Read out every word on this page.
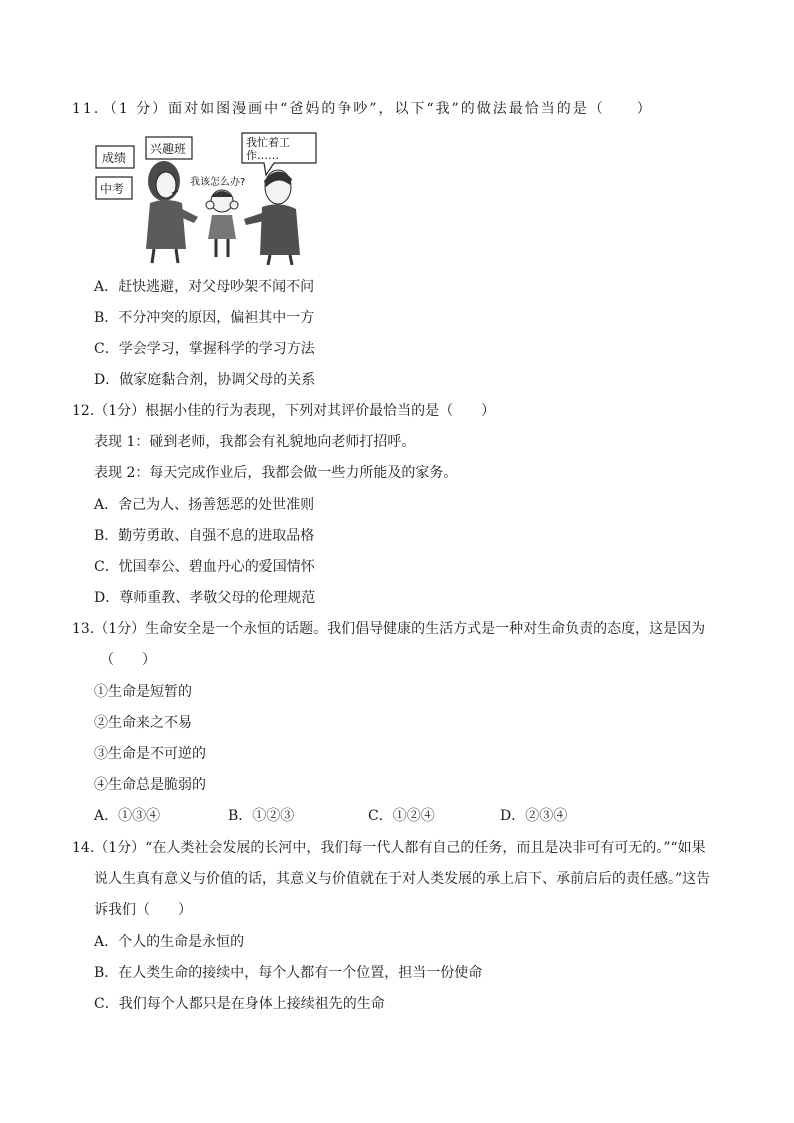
11．（1 分）面对如图漫画中“爸妈的争吵”，以下“我”的做法最恰当的是（　　）
成绩
兴趣班
中考
我忙着工
作……
我该怎么办?
A．赶快逃避，对父母吵架不闻不问
B．不分冲突的原因，偏袒其中一方
C．学会学习，掌握科学的学习方法
D．做家庭黏合剂，协调父母的关系
12.（1分）根据小佳的行为表现，下列对其评价最恰当的是（　　）
表现 1：碰到老师，我都会有礼貌地向老师打招呼。
表现 2：每天完成作业后，我都会做一些力所能及的家务。
A．舍己为人、扬善惩恶的处世准则
B．勤劳勇敢、自强不息的进取品格
C．忧国奉公、碧血丹心的爱国情怀
D．尊师重教、孝敬父母的伦理规范
13.（1分）生命安全是一个永恒的话题。我们倡导健康的生活方式是一种对生命负责的态度，这是因为
（　　）
①生命是短暂的
②生命来之不易
③生命是不可逆的
④生命总是脆弱的
A．①③④	B．①②③	C．①②④	D．②③④
14.（1分）“在人类社会发展的长河中，我们每一代人都有自己的任务，而且是决非可有可无的。”“如果
说人生真有意义与价值的话，其意义与价值就在于对人类发展的承上启下、承前启后的责任感。”这告
诉我们（　　）
A．个人的生命是永恒的
B．在人类生命的接续中，每个人都有一个位置，担当一份使命
C．我们每个人都只是在身体上接续祖先的生命
